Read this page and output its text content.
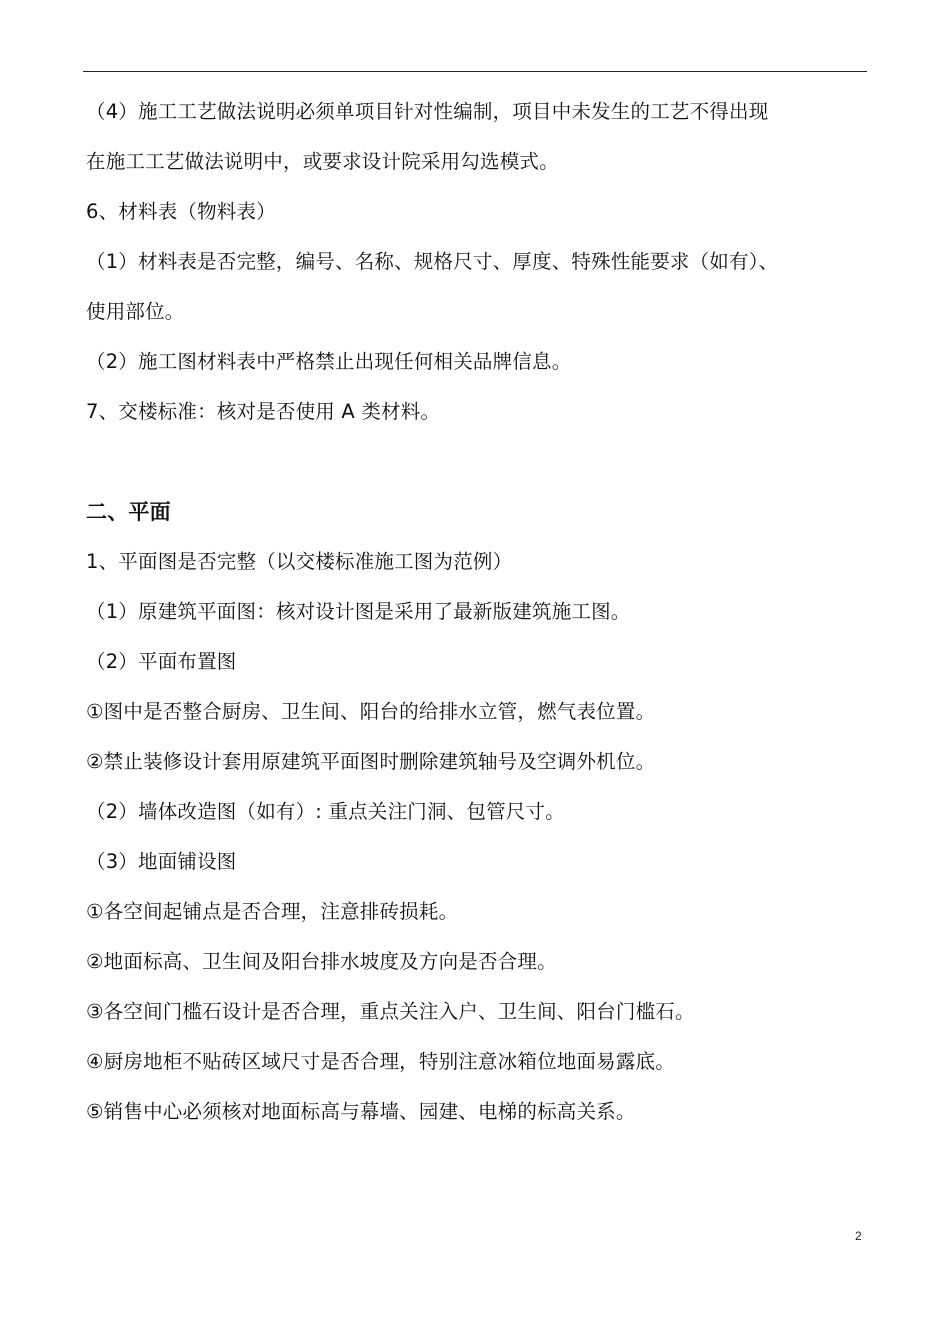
（4）施工工艺做法说明必须单项目针对性编制，项目中未发生的工艺不得出现
在施工工艺做法说明中，或要求设计院采用勾选模式。
6、材料表（物料表）
（1）材料表是否完整，编号、名称、规格尺寸、厚度、特殊性能要求（如有）、
使用部位。
（2）施工图材料表中严格禁止出现任何相关品牌信息。
7、交楼标准：核对是否使用 A 类材料。
二、平面
1、平面图是否完整（以交楼标准施工图为范例）
（1）原建筑平面图：核对设计图是采用了最新版建筑施工图。
（2）平面布置图
①图中是否整合厨房、卫生间、阳台的给排水立管，燃气表位置。
②禁止装修设计套用原建筑平面图时删除建筑轴号及空调外机位。
（2）墙体改造图（如有）: 重点关注门洞、包管尺寸。
（3）地面铺设图
①各空间起铺点是否合理，注意排砖损耗。
②地面标高、卫生间及阳台排水坡度及方向是否合理。
③各空间门槛石设计是否合理，重点关注入户、卫生间、阳台门槛石。
④厨房地柜不贴砖区域尺寸是否合理，特别注意冰箱位地面易露底。
⑤销售中心必须核对地面标高与幕墙、园建、电梯的标高关系。
2
